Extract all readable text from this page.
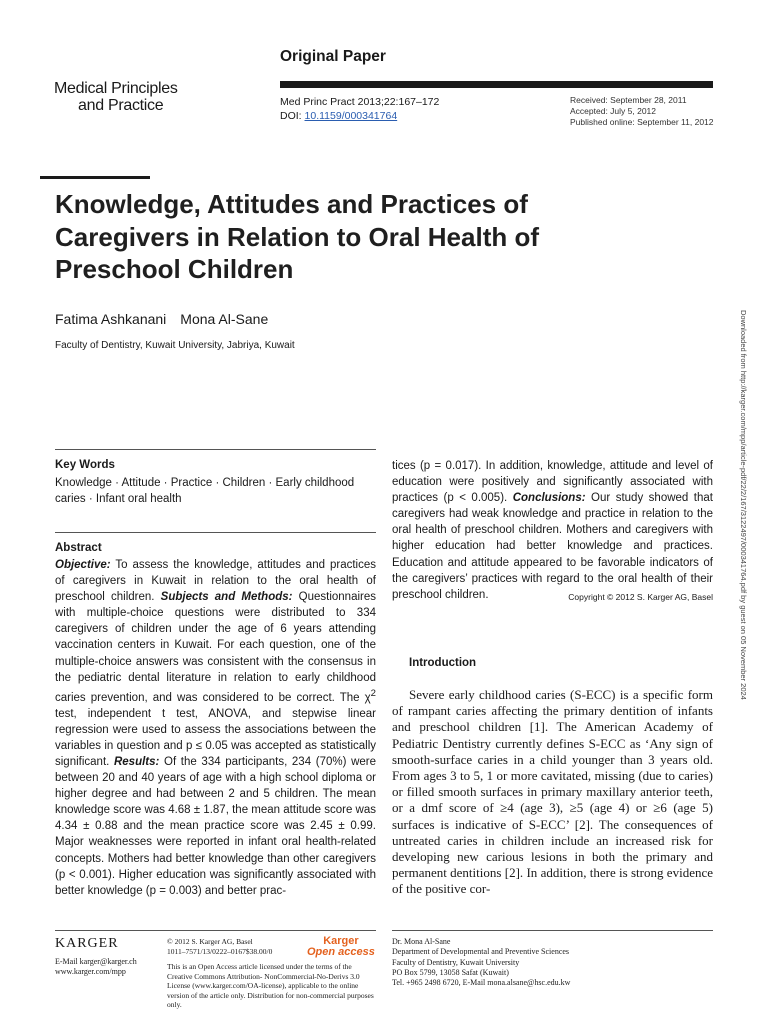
Original Paper
Medical Principles
and Practice	Med Princ Pract 2013;22:167–172
DOI: 10.1159/000341764
Received: September 28, 2011
Accepted: July 5, 2012
Published online: September 11, 2012
Knowledge, Attitudes and Practices of Caregivers in Relation to Oral Health of Preschool Children
Fatima Ashkanani Mona Al-Sane
Faculty of Dentistry, Kuwait University, Jabriya, Kuwait
Key Words
Knowledge · Attitude · Practice · Children · Early childhood caries · Infant oral health
Abstract
Objective: To assess the knowledge, attitudes and practices of caregivers in Kuwait in relation to the oral health of preschool children. Subjects and Methods: Questionnaires with multiple-choice questions were distributed to 334 caregivers of children under the age of 6 years attending vaccination centers in Kuwait. For each question, one of the multiple-choice answers was consistent with the consensus in the pediatric dental literature in relation to early childhood caries prevention, and was considered to be correct. The $\chi^2$ test, independent t test, ANOVA, and stepwise linear regression were used to assess the associations between the variables in question and p ≤ 0.05 was accepted as statistically significant. Results: Of the 334 participants, 234 (70%) were between 20 and 40 years of age with a high school diploma or higher degree and had between 2 and 5 children. The mean knowledge score was 4.68 ± 1.87, the mean attitude score was 4.34 ± 0.88 and the mean practice score was 2.45 ± 0.99. Major weaknesses were reported in infant oral health-related concepts. Mothers had better knowledge than other caregivers (p < 0.001). Higher education was significantly associated with better knowledge (p = 0.003) and better prac-
tices (p = 0.017). In addition, knowledge, attitude and level of education were positively and significantly associated with practices (p < 0.005). Conclusions: Our study showed that caregivers had weak knowledge and practice in relation to the oral health of preschool children. Mothers and caregivers with higher education had better knowledge and practices. Education and attitude appeared to be favorable indicators of the caregivers’ practices with regard to the oral health of their preschool children.	Copyright © 2012 S. Karger AG, Basel
Introduction
Severe early childhood caries (S-ECC) is a specific form of rampant caries affecting the primary dentition of infants and preschool children [1]. The American Academy of Pediatric Dentistry currently defines S-ECC as ‘Any sign of smooth-surface caries in a child younger than 3 years old. From ages 3 to 5, 1 or more cavitated, missing (due to caries) or filled smooth surfaces in primary maxillary anterior teeth, or a dmf score of ≥4 (age 3), ≥5 (age 4) or ≥6 (age 5) surfaces is indicative of S-ECC’ [2]. The consequences of untreated caries in children include an increased risk for developing new carious lesions in both the primary and permanent dentitions [2]. In addition, there is strong evidence of the positive cor-
Downloaded from http://karger.com/mpp/article-pdf/22/2/167/3122497/000341764.pdf by guest on 05 November 2024
KARGER
E-Mail karger@karger.ch
www.karger.com/mpp
© 2012 S. Karger AG, Basel
1011–7571/13/0222–0167$38.00/0
This is an Open Access article licensed under the terms of the Creative Commons Attribution- NonCommercial-No-Derivs 3.0 License (www.karger.com/OA-license), applicable to the online version of the article only. Distribution for non-commercial purposes only.
Karger
Open access
Dr. Mona Al-Sane
Department of Developmental and Preventive Sciences
Faculty of Dentistry, Kuwait University
PO Box 5799, 13058 Safat (Kuwait)
Tel. +965 2498 6720, E-Mail mona.alsane@hsc.edu.kw
